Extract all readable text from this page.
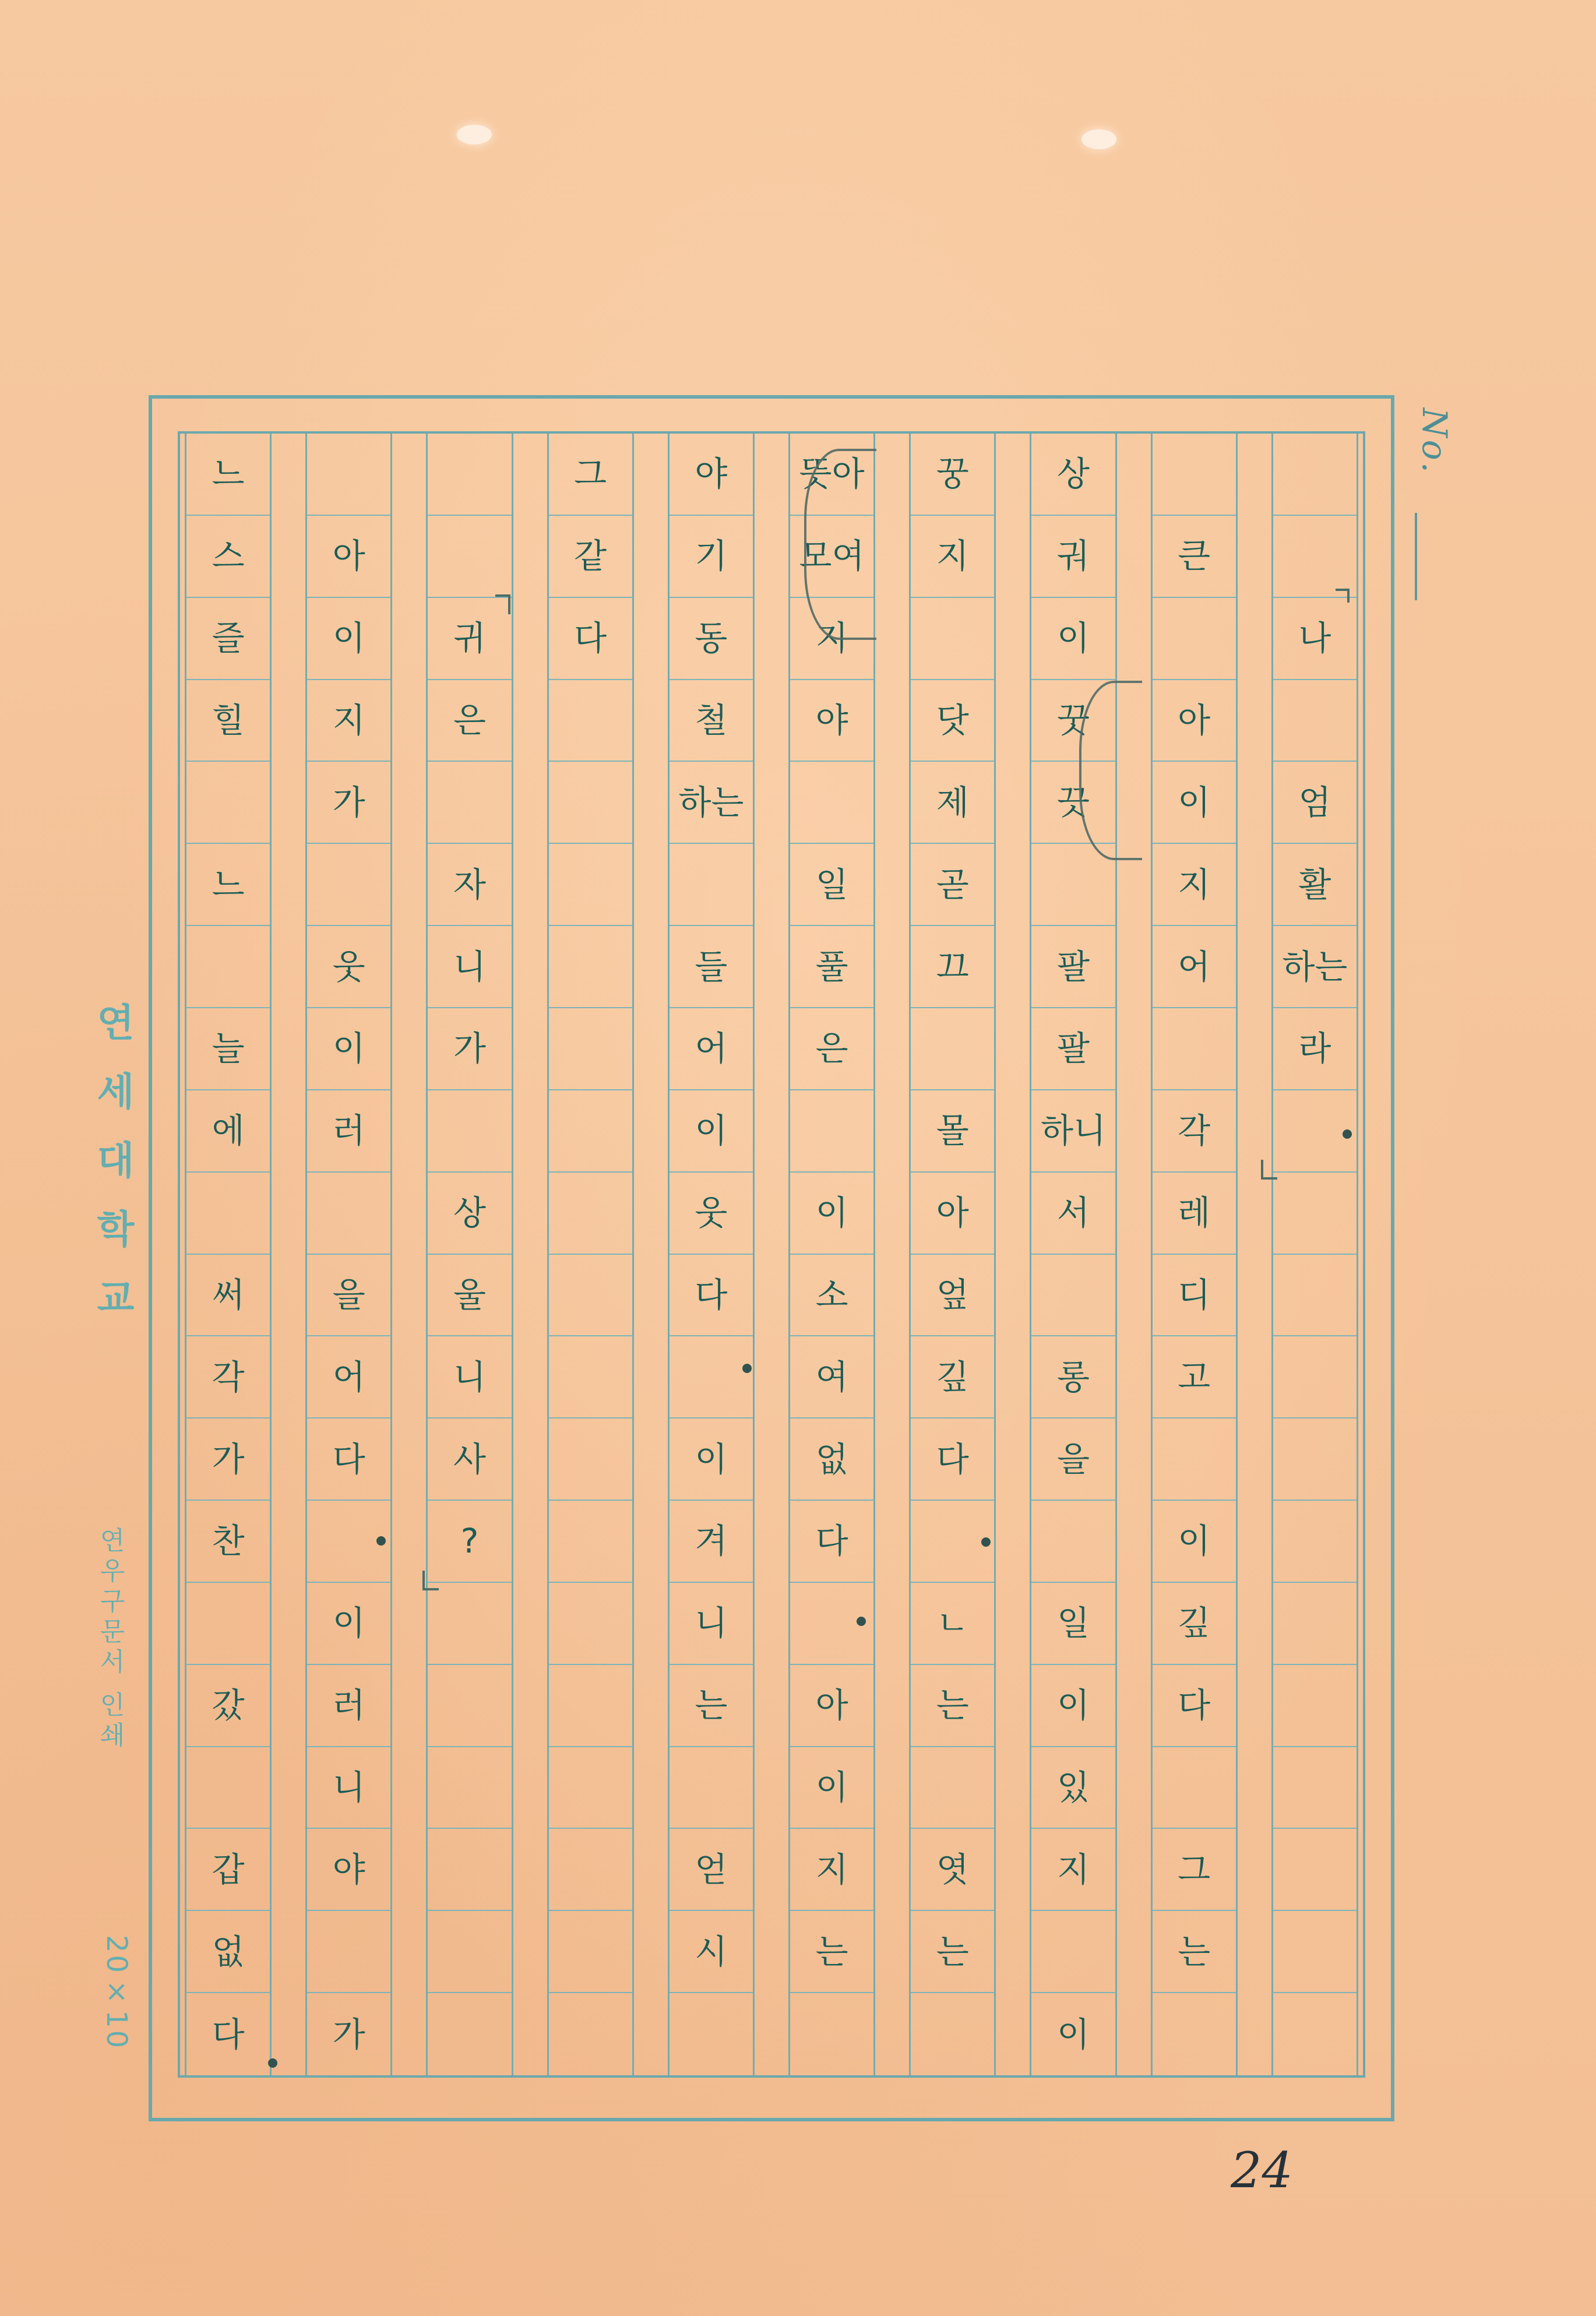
No.
연세대학교
연우구문서 인쇄
20×10
느
스
즐
힐
느
늘
에
써
각
가
찬
갔
갑
없
다
아
이
지
가
웃
이
러
을
어
다
이
러
니
야
가
귀
은
자
니
가
상
울
니
사
?
그
같
다
야
기
동
철
하는
들
어
이
웃
다
이
겨
니
는
얻
시
뜻아
모여
지
야
일
풀
은
이
소
여
없
다
아
이
지
는
꿍
지
닷
제
곧
끄
몰
아
엎
깊
다
ㄴ
는
엿
는
상
궈
이
꿋
끗
팔
팔
하니
서
롱
을
일
이
있
지
이
큰
아
이
지
어
각
레
디
고
이
깊
다
그
는
나
엄
활
하는
라
24
